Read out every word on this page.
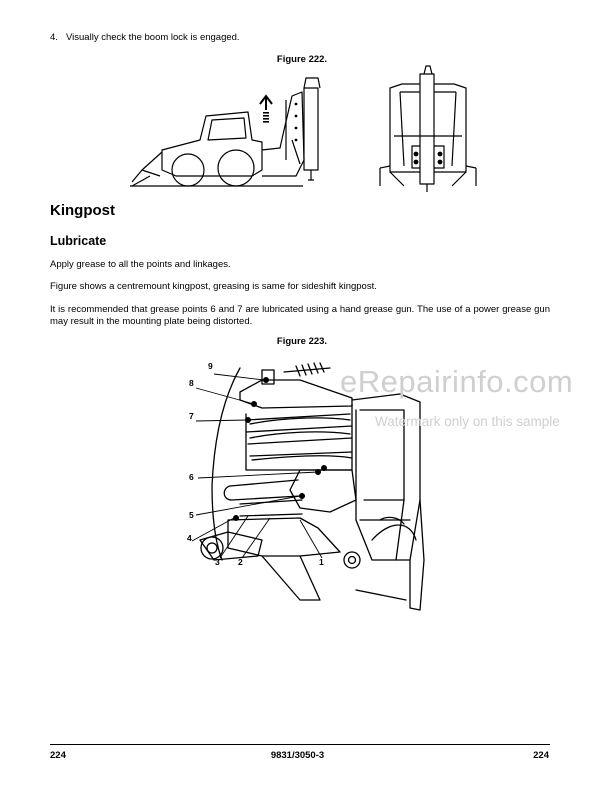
4. Visually check the boom lock is engaged.
Figure 222.
Kingpost
Lubricate
Apply grease to all the points and linkages.
Figure shows a centremount kingpost, greasing is same for sideshift kingpost.
It is recommended that grease points 6 and 7 are lubricated using a hand grease gun. The use of a power grease gun may result in the mounting plate being distorted.
Figure 223.
9
8
7
6
5
4
3 2	1
eRepairinfo.com
Watermark only on this sample
224	9831/3050-3	224
